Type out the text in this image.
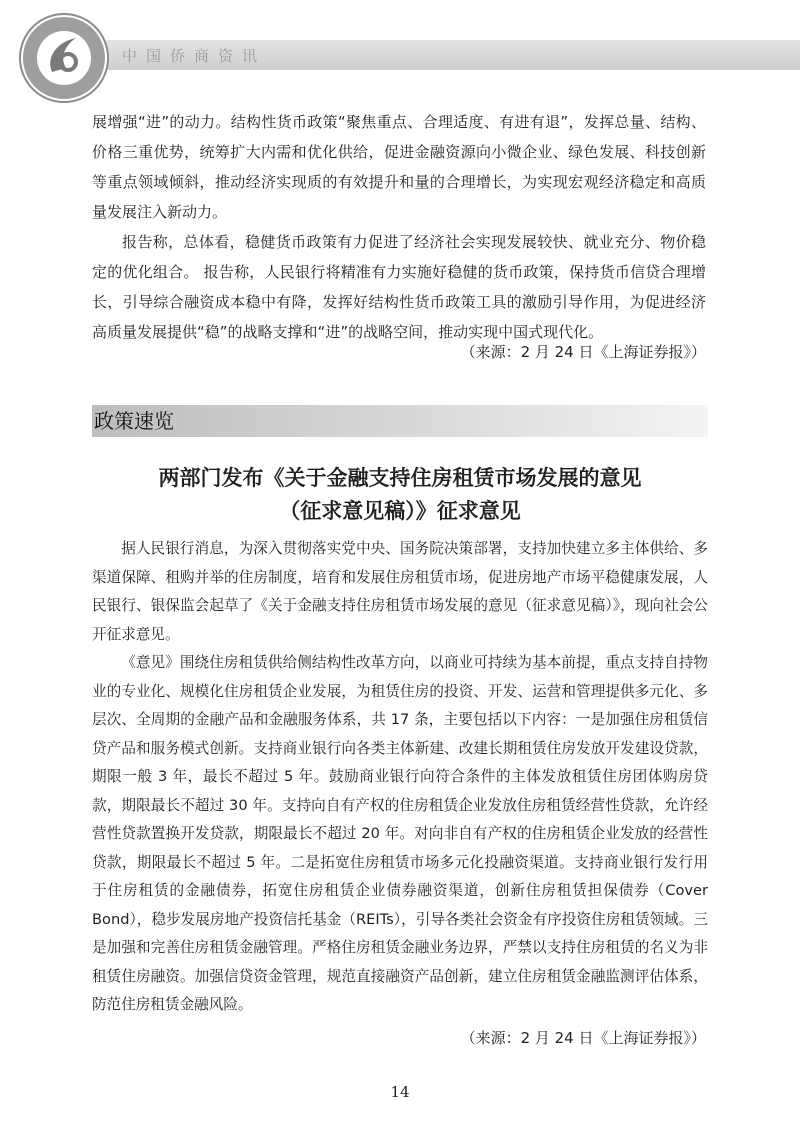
中国侨商资讯

展增强“进”的动力。结构性货币政策“聚焦重点、合理适度、有进有退”，发挥总量、结构、价格三重优势，统筹扩大内需和优化供给，促进金融资源向小微企业、绿色发展、科技创新等重点领域倾斜，推动经济实现质的有效提升和量的合理增长，为实现宏观经济稳定和高质量发展注入新动力。

报告称，总体看，稳健货币政策有力促进了经济社会实现发展较快、就业充分、物价稳定的优化组合。 报告称，人民银行将精准有力实施好稳健的货币政策，保持货币信贷合理增长，引导综合融资成本稳中有降，发挥好结构性货币政策工具的激励引导作用，为促进经济高质量发展提供“稳”的战略支撑和“进”的战略空间，推动实现中国式现代化。

（来源：2 月 24 日《上海证券报》）
政策速览
两部门发布《关于金融支持住房租赁市场发展的意见
（征求意见稿）》征求意见

据人民银行消息，为深入贯彻落实党中央、国务院决策部署，支持加快建立多主体供给、多渠道保障、租购并举的住房制度，培育和发展住房租赁市场，促进房地产市场平稳健康发展，人民银行、银保监会起草了《关于金融支持住房租赁市场发展的意见（征求意见稿）》，现向社会公开征求意见。

《意见》围绕住房租赁供给侧结构性改革方向，以商业可持续为基本前提，重点支持自持物业的专业化、规模化住房租赁企业发展，为租赁住房的投资、开发、运营和管理提供多元化、多层次、全周期的金融产品和金融服务体系，共 17 条，主要包括以下内容：一是加强住房租赁信贷产品和服务模式创新。支持商业银行向各类主体新建、改建长期租赁住房发放开发建设贷款，期限一般 3 年，最长不超过 5 年。鼓励商业银行向符合条件的主体发放租赁住房团体购房贷款，期限最长不超过 30 年。支持向自有产权的住房租赁企业发放住房租赁经营性贷款，允许经营性贷款置换开发贷款，期限最长不超过 20 年。对向非自有产权的住房租赁企业发放的经营性贷款，期限最长不超过 5 年。二是拓宽住房租赁市场多元化投融资渠道。支持商业银行发行用于住房租赁的金融债券，拓宽住房租赁企业债券融资渠道，创新住房租赁担保债券（Cover Bond），稳步发展房地产投资信托基金（REITs），引导各类社会资金有序投资住房租赁领域。三是加强和完善住房租赁金融管理。严格住房租赁金融业务边界，严禁以支持住房租赁的名义为非租赁住房融资。加强信贷资金管理，规范直接融资产品创新，建立住房租赁金融监测评估体系，防范住房租赁金融风险。

（来源：2 月 24 日《上海证券报》）
14
